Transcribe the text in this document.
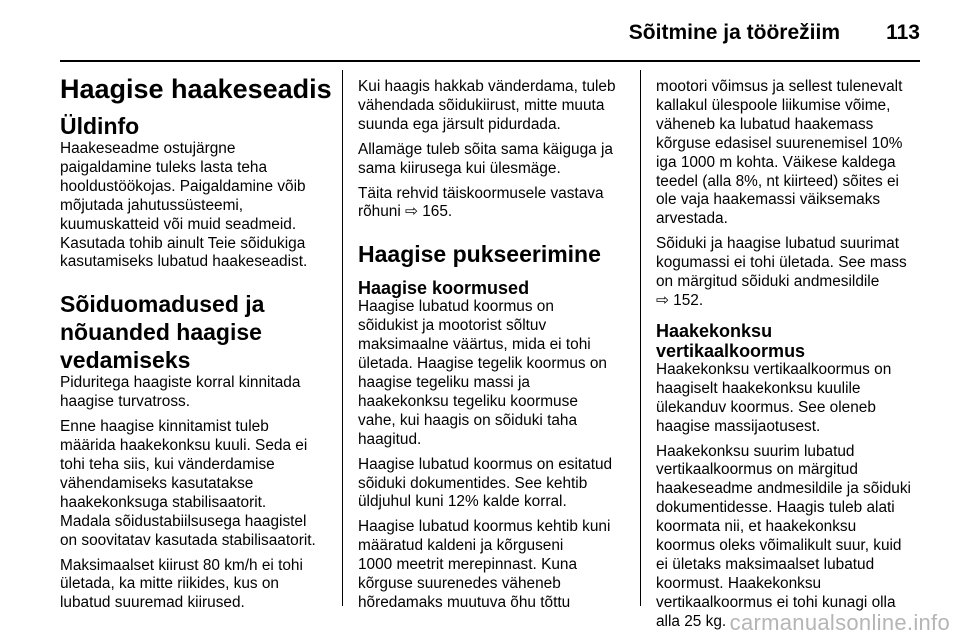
Sõitmine ja töörežiim 113
Haagise haakeseadis
Üldinfo
Haakeseadme ostujärgne
paigaldamine tuleks lasta teha
hooldustöökojas. Paigaldamine võib
mõjutada jahutussüsteemi,
kuumuskatteid või muid seadmeid.
Kasutada tohib ainult Teie sõidukiga
kasutamiseks lubatud haakeseadist.
Sõiduomadused ja
nõuanded haagise
vedamiseks
Piduritega haagiste korral kinnitada
haagise turvatross.
Enne haagise kinnitamist tuleb
määrida haakekonksu kuuli. Seda ei
tohi teha siis, kui vänderdamise
vähendamiseks kasutatakse
haakekonksuga stabilisaatorit.
Madala sõidustabiilsusega haagistel
on soovitatav kasutada stabilisaatorit.
Maksimaalset kiirust 80 km/h ei tohi
ületada, ka mitte riikides, kus on
lubatud suuremad kiirused.
Kui haagis hakkab vänderdama, tuleb
vähendada sõidukiirust, mitte muuta
suunda ega järsult pidurdada.
Allamäge tuleb sõita sama käiguga ja
sama kiirusega kui ülesmäge.
Täita rehvid täiskoormusele vastava
rõhuni ⇨ 165.
Haagise pukseerimine
Haagise koormused
Haagise lubatud koormus on
sõidukist ja mootorist sõltuv
maksimaalne väärtus, mida ei tohi
ületada. Haagise tegelik koormus on
haagise tegeliku massi ja
haakekonksu tegeliku koormuse
vahe, kui haagis on sõiduki taha
haagitud.
Haagise lubatud koormus on esitatud
sõiduki dokumentides. See kehtib
üldjuhul kuni 12% kalde korral.
Haagise lubatud koormus kehtib kuni
määratud kaldeni ja kõrguseni
1000 meetrit merepinnast. Kuna
kõrguse suurenedes väheneb
hõredamaks muutuva õhu tõttu
mootori võimsus ja sellest tulenevalt
kallakul ülespoole liikumise võime,
väheneb ka lubatud haakemass
kõrguse edasisel suurenemisel 10%
iga 1000 m kohta. Väikese kaldega
teedel (alla 8%, nt kiirteed) sõites ei
ole vaja haakemassi väiksemaks
arvestada.
Sõiduki ja haagise lubatud suurimat
kogumassi ei tohi ületada. See mass
on märgitud sõiduki andmesildile
⇨ 152.
Haakekonksu vertikaalkoormus
Haakekonksu vertikaalkoormus on
haagiselt haakekonksu kuulile
ülekanduv koormus. See oleneb
haagise massijaotusest.
Haakekonksu suurim lubatud
vertikaalkoormus on märgitud
haakeseadme andmesildile ja sõiduki
dokumentidesse. Haagis tuleb alati
koormata nii, et haakekonksu
koormus oleks võimalikult suur, kuid
ei ületaks maksimaalset lubatud
koormust. Haakekonksu
vertikaalkoormus ei tohi kunagi olla
alla 25 kg. carmanualsonline.info
